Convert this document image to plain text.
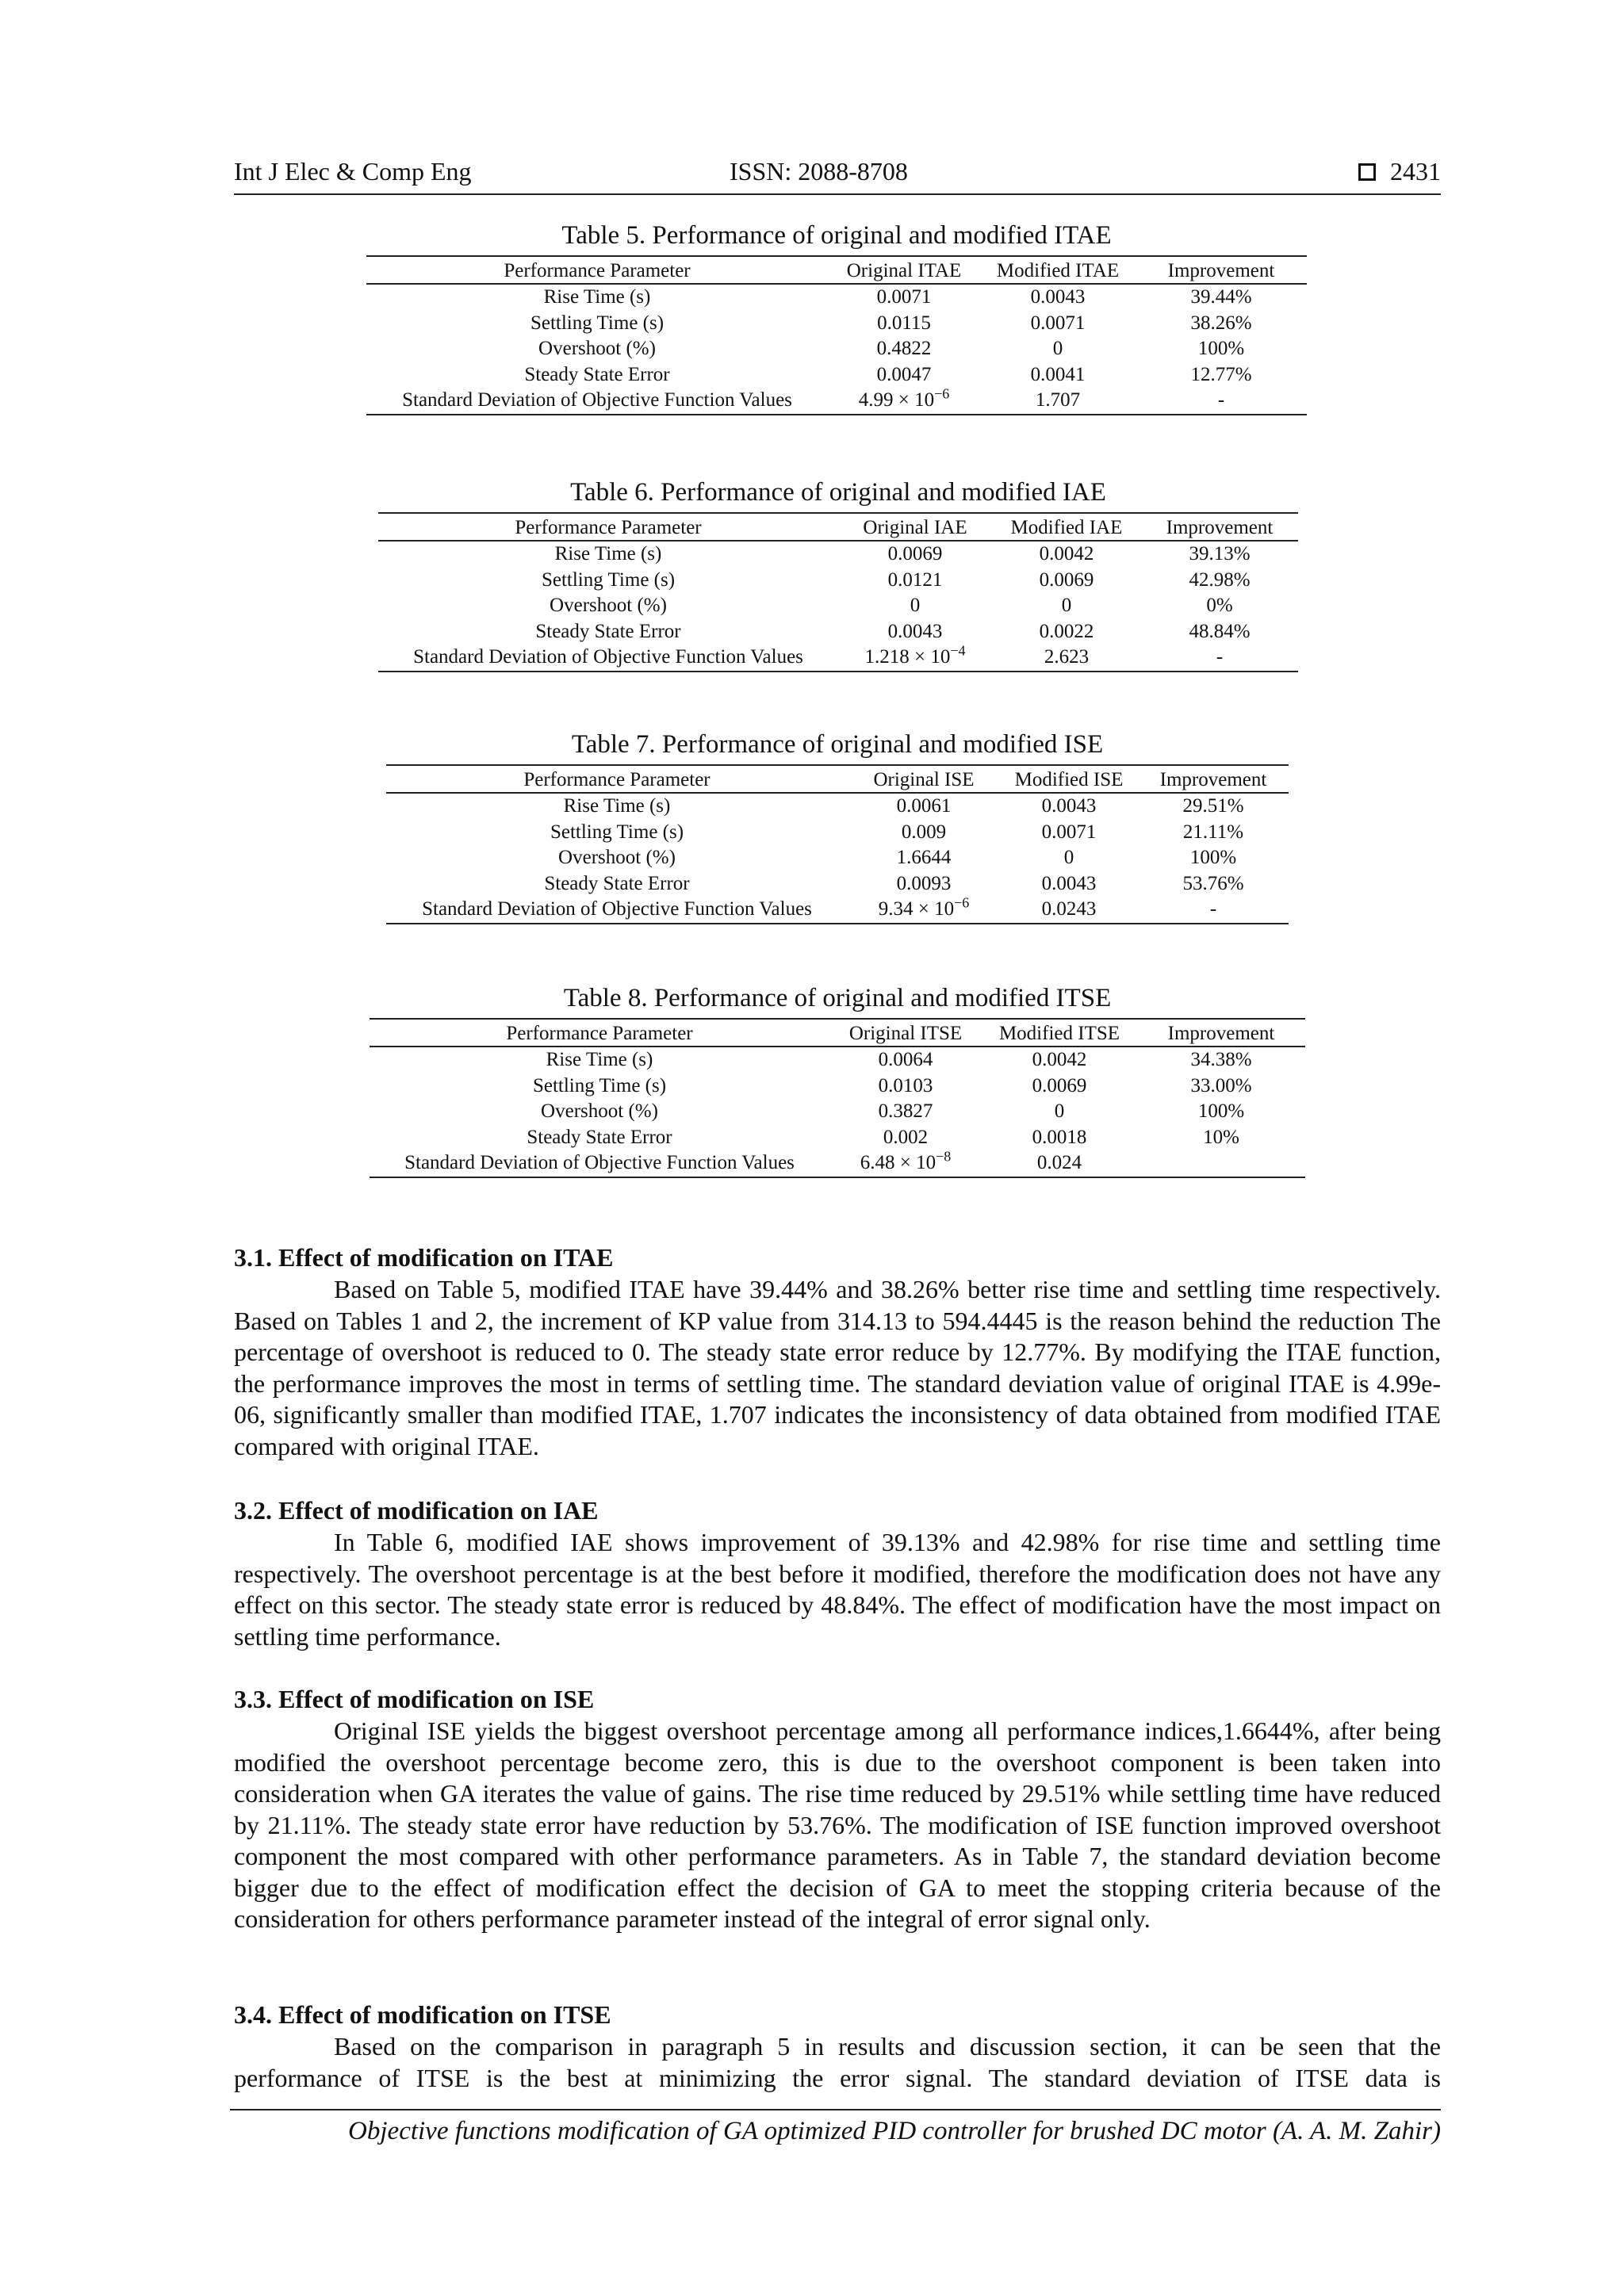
Int J Elec & Comp Eng	ISSN: 2088-8708	2431
Table 5. Performance of original and modified ITAE
Performance Parameter	Original ITAE	Modified ITAE	Improvement
Rise Time (s)	0.0071	0.0043	39.44%
Settling Time (s)	0.0115	0.0071	38.26%
Overshoot (%)	0.4822	0	100%
Steady State Error	0.0047	0.0041	12.77%
Standard Deviation of Objective Function Values	$4.99 \times 10^{-6}$	1.707	-
Table 6. Performance of original and modified IAE
Performance Parameter	Original IAE	Modified IAE	Improvement
Rise Time (s)	0.0069	0.0042	39.13%
Settling Time (s)	0.0121	0.0069	42.98%
Overshoot (%)	0	0	0%
Steady State Error	0.0043	0.0022	48.84%
Standard Deviation of Objective Function Values	$1.218 \times 10^{-4}$	2.623	-
Table 7. Performance of original and modified ISE
Performance Parameter	Original ISE	Modified ISE	Improvement
Rise Time (s)	0.0061	0.0043	29.51%
Settling Time (s)	0.009	0.0071	21.11%
Overshoot (%)	1.6644	0	100%
Steady State Error	0.0093	0.0043	53.76%
Standard Deviation of Objective Function Values	$9.34 \times 10^{-6}$	0.0243	-
Table 8. Performance of original and modified ITSE
Performance Parameter	Original ITSE	Modified ITSE	Improvement
Rise Time (s)	0.0064	0.0042	34.38%
Settling Time (s)	0.0103	0.0069	33.00%
Overshoot (%)	0.3827	0	100%
Steady State Error	0.002	0.0018	10%
Standard Deviation of Objective Function Values	$6.48 \times 10^{-8}$	0.024	
3.1. Effect of modification on ITAE

Based on Table 5, modified ITAE have 39.44% and 38.26% better rise time and settling time respectively. Based on Tables 1 and 2, the increment of KP value from 314.13 to 594.4445 is the reason behind the reduction The percentage of overshoot is reduced to 0. The steady state error reduce by 12.77%. By modifying the ITAE function, the performance improves the most in terms of settling time. The standard deviation value of original ITAE is 4.99e-06, significantly smaller than modified ITAE, 1.707 indicates the inconsistency of data obtained from modified ITAE compared with original ITAE.

3.2. Effect of modification on IAE

In Table 6, modified IAE shows improvement of 39.13% and 42.98% for rise time and settling time respectively. The overshoot percentage is at the best before it modified, therefore the modification does not have any effect on this sector. The steady state error is reduced by 48.84%. The effect of modification have the most impact on settling time performance.

3.3. Effect of modification on ISE

Original ISE yields the biggest overshoot percentage among all performance indices,1.6644%, after being modified the overshoot percentage become zero, this is due to the overshoot component is been taken into consideration when GA iterates the value of gains. The rise time reduced by 29.51% while settling time have reduced by 21.11%. The steady state error have reduction by 53.76%. The modification of ISE function improved overshoot component the most compared with other performance parameters. As in Table 7, the standard deviation become bigger due to the effect of modification effect the decision of GA to meet the stopping criteria because of the consideration for others performance parameter instead of the integral of error signal only.

3.4. Effect of modification on ITSE

Based on the comparison in paragraph 5 in results and discussion section, it can be seen that the performance of ITSE is the best at minimizing the error signal. The standard deviation of ITSE data is

Objective functions modification of GA optimized PID controller for brushed DC motor (A. A. M. Zahir)
